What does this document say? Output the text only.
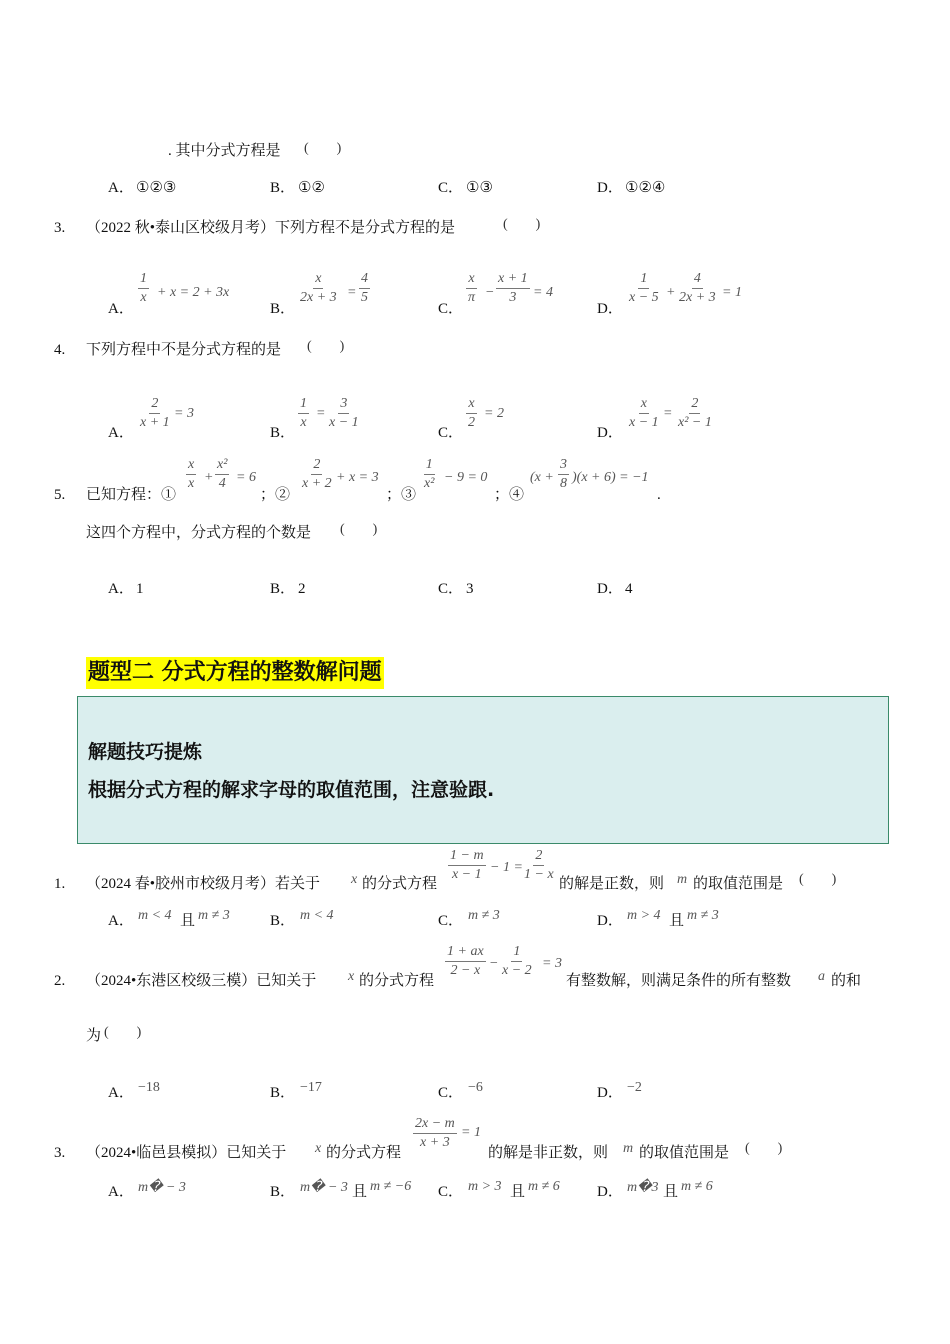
. 其中分式方程是 (　　)
A． ①②③	B． ①②	C． ①③	D． ①②④
3. （2022 秋•泰山区校级月考）下列方程不是分式方程的是	(　　)
A．
$\frac{1}{x} + x = 2 + 3x$
B．
$\frac{x}{2x + 3} = \frac{4}{5}$
C．
$\frac{x}{\pi} - \frac{x + 1}{3} = 4$
D．
$\frac{1}{x - 5} + \frac{4}{2x + 3} = 1$
4. 下列方程中不是分式方程的是 (　　)
A．
$\frac{2}{x + 1} = 3$
B．
$\frac{1}{x} = \frac{3}{x - 1}$
C．
$\frac{x}{2} = 2$
D．
$\frac{x}{x - 1} = \frac{2}{\text{x² − 1}}$
5. 已知方程：①
$\frac{x}{x} + \frac{\text{x²}}{4} = 6$
；②
$\frac{2}{x + 2} + x = 3$
；③
$\frac{1}{\text{x²}} - 9 = 0$
；④
$(x + \frac{3}{8} )(x + 6) = -1$
.
这四个方程中，分式方程的个数是 (　　)
A． 1	B． 2	C． 3	D． 4
题型二 分式方程的整数解问题
解题技巧提炼
根据分式方程的解求字母的取值范围，注意验跟.
1. （2024 春•胶州市校级月考）若关于 x 的分式方程
$\frac{1 - m}{x - 1} - 1 = \frac{2}{1 - x}$
的解是正数，则 m 的取值范围是 (　　)
A． m < 4 且 m ≠ 3	B． m < 4	C． m ≠ 3	D． m > 4 且 m ≠ 3
2. （2024•东港区校级三模）已知关于 x 的分式方程
$\frac{1 + ax}{2 - x} - \frac{1}{x - 2} = 3$
有整数解，则满足条件的所有整数 a 的和
为 (　　)
A． −18	B． −17	C． −6	D． −2
3. （2024•临邑县模拟）已知关于 x 的分式方程
$\frac{2x - m}{x + 3} = 1$
的解是非正数，则 m 的取值范围是 (　　)
A． m� − 3	B． m� − 3 且 m ≠ −6 C． m > 3 且 m ≠ 6 D． m�3 且 m ≠ 6
